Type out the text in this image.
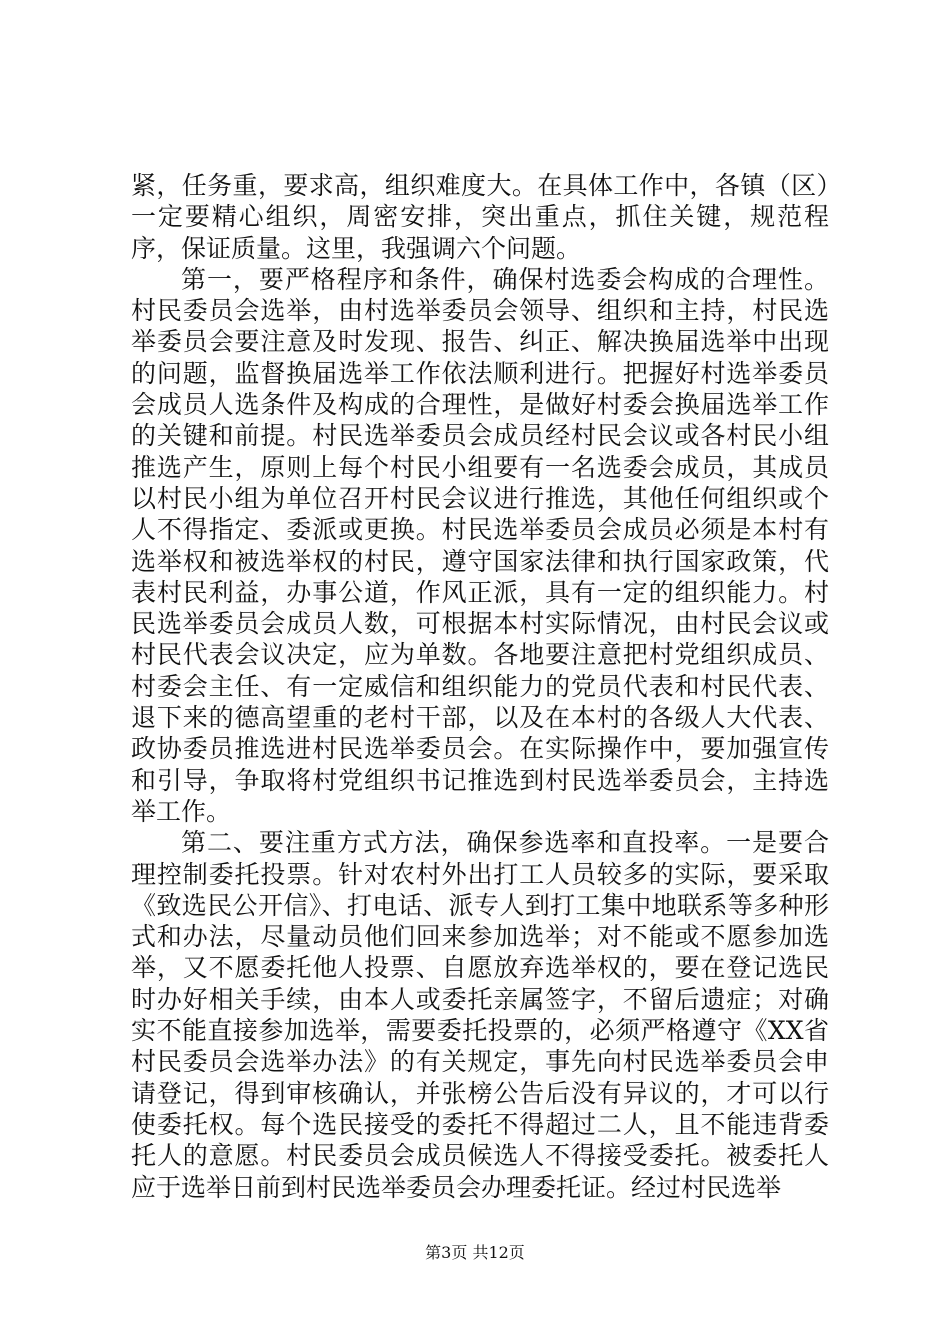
紧，任务重，要求高，组织难度大。在具体工作中，各镇（区）一定要精心组织，周密安排，突出重点，抓住关键，规范程序，保证质量。这里，我强调六个问题。

第一，要严格程序和条件，确保村选委会构成的合理性。村民委员会选举，由村选举委员会领导、组织和主持，村民选举委员会要注意及时发现、报告、纠正、解决换届选举中出现的问题，监督换届选举工作依法顺利进行。把握好村选举委员会成员人选条件及构成的合理性，是做好村委会换届选举工作的关键和前提。村民选举委员会成员经村民会议或各村民小组推选产生，原则上每个村民小组要有一名选委会成员，其成员以村民小组为单位召开村民会议进行推选，其他任何组织或个人不得指定、委派或更换。村民选举委员会成员必须是本村有选举权和被选举权的村民，遵守国家法律和执行国家政策，代表村民利益，办事公道，作风正派，具有一定的组织能力。村民选举委员会成员人数，可根据本村实际情况，由村民会议或村民代表会议决定，应为单数。各地要注意把村党组织成员、村委会主任、有一定威信和组织能力的党员代表和村民代表、退下来的德高望重的老村干部，以及在本村的各级人大代表、政协委员推选进村民选举委员会。在实际操作中，要加强宣传和引导，争取将村党组织书记推选到村民选举委员会，主持选举工作。

第二、要注重方式方法，确保参选率和直投率。一是要合理控制委托投票。针对农村外出打工人员较多的实际，要采取《致选民公开信》、打电话、派专人到打工集中地联系等多种形式和办法，尽量动员他们回来参加选举；对不能或不愿参加选举，又不愿委托他人投票、自愿放弃选举权的，要在登记选民时办好相关手续，由本人或委托亲属签字，不留后遗症；对确实不能直接参加选举，需要委托投票的，必须严格遵守《XX省村民委员会选举办法》的有关规定，事先向村民选举委员会申请登记，得到审核确认，并张榜公告后没有异议的，才可以行使委托权。每个选民接受的委托不得超过二人，且不能违背委托人的意愿。村民委员会成员候选人不得接受委托。被委托人应于选举日前到村民选举委员会办理委托证。经过村民选举

第3页 共12页
